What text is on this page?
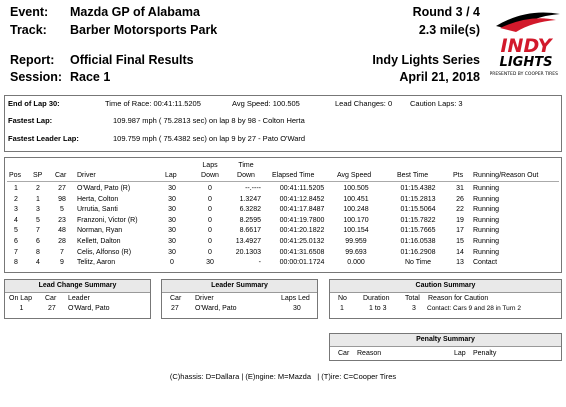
Event: Mazda GP of Alabama
Track: Barber Motorsports Park
Report: Official Final Results
Session: Race 1
Round 3 / 4
2.3 mile(s)
Indy Lights Series
April 21, 2018
INDY
LIGHTS
PRESENTED BY COOPER TIRES
End of Lap 30:	Time of Race: 00:41:11.5205	Avg Speed: 100.505	Lead Changes: 0 Caution Laps: 3
Fastest Lap:	109.987 mph ( 75.2813 sec) on lap 8 by 98 - Colton Herta
Fastest Leader Lap:	109.759 mph ( 75.4382 sec) on lap 9 by 27 - Pato O'Ward
Pos SP Car Driver	Lap
Laps
Down
Time
Down	Elapsed Time	Avg Speed	Best Time	Pts Running/Reason Out
1	2	27	O'Ward, Pato (R)	30	0	--.----	00:41:11.5205	100.505	01:15.4382	31	Running
2	1	98	Herta, Colton	30	0	1.3247	00:41:12.8452	100.451	01:15.2813	26	Running
3	3	5	Urrutia, Santi	30	0	6.3282	00:41:17.8487	100.248	01:15.5064	22	Running
4	5	23	Franzoni, Victor (R)	30	0	8.2595	00:41:19.7800	100.170	01:15.7822	19	Running
5	7	48	Norman, Ryan	30	0	8.6617	00:41:20.1822	100.154	01:15.7665	17	Running
6	6	28	Kellett, Dalton	30	0	13.4927	00:41:25.0132	99.959	01:16.0538	15	Running
7	8	7	Celis, Alfonso (R)	30	0	20.1303	00:41:31.6508	99.693	01:16.2908	14	Running
8	4	9	Telitz, Aaron	0	30	-	00:00:01.1724	0.000	No Time	13	Contact
Lead Change Summary
On Lap Car Leader
1	27 O'Ward, Pato
Leader Summary
Car Driver	Laps Led
27 O'Ward, Pato	30
Caution Summary
No Duration Total Reason for Caution
1	1 to 3	3 Contact: Cars 9 and 28 in Turn 2
Penalty Summary
Car Reason	Lap Penalty
(C)hassis: D=Dallara | (E)ngine: M=Mazda   | (T)ire: C=Cooper Tires
